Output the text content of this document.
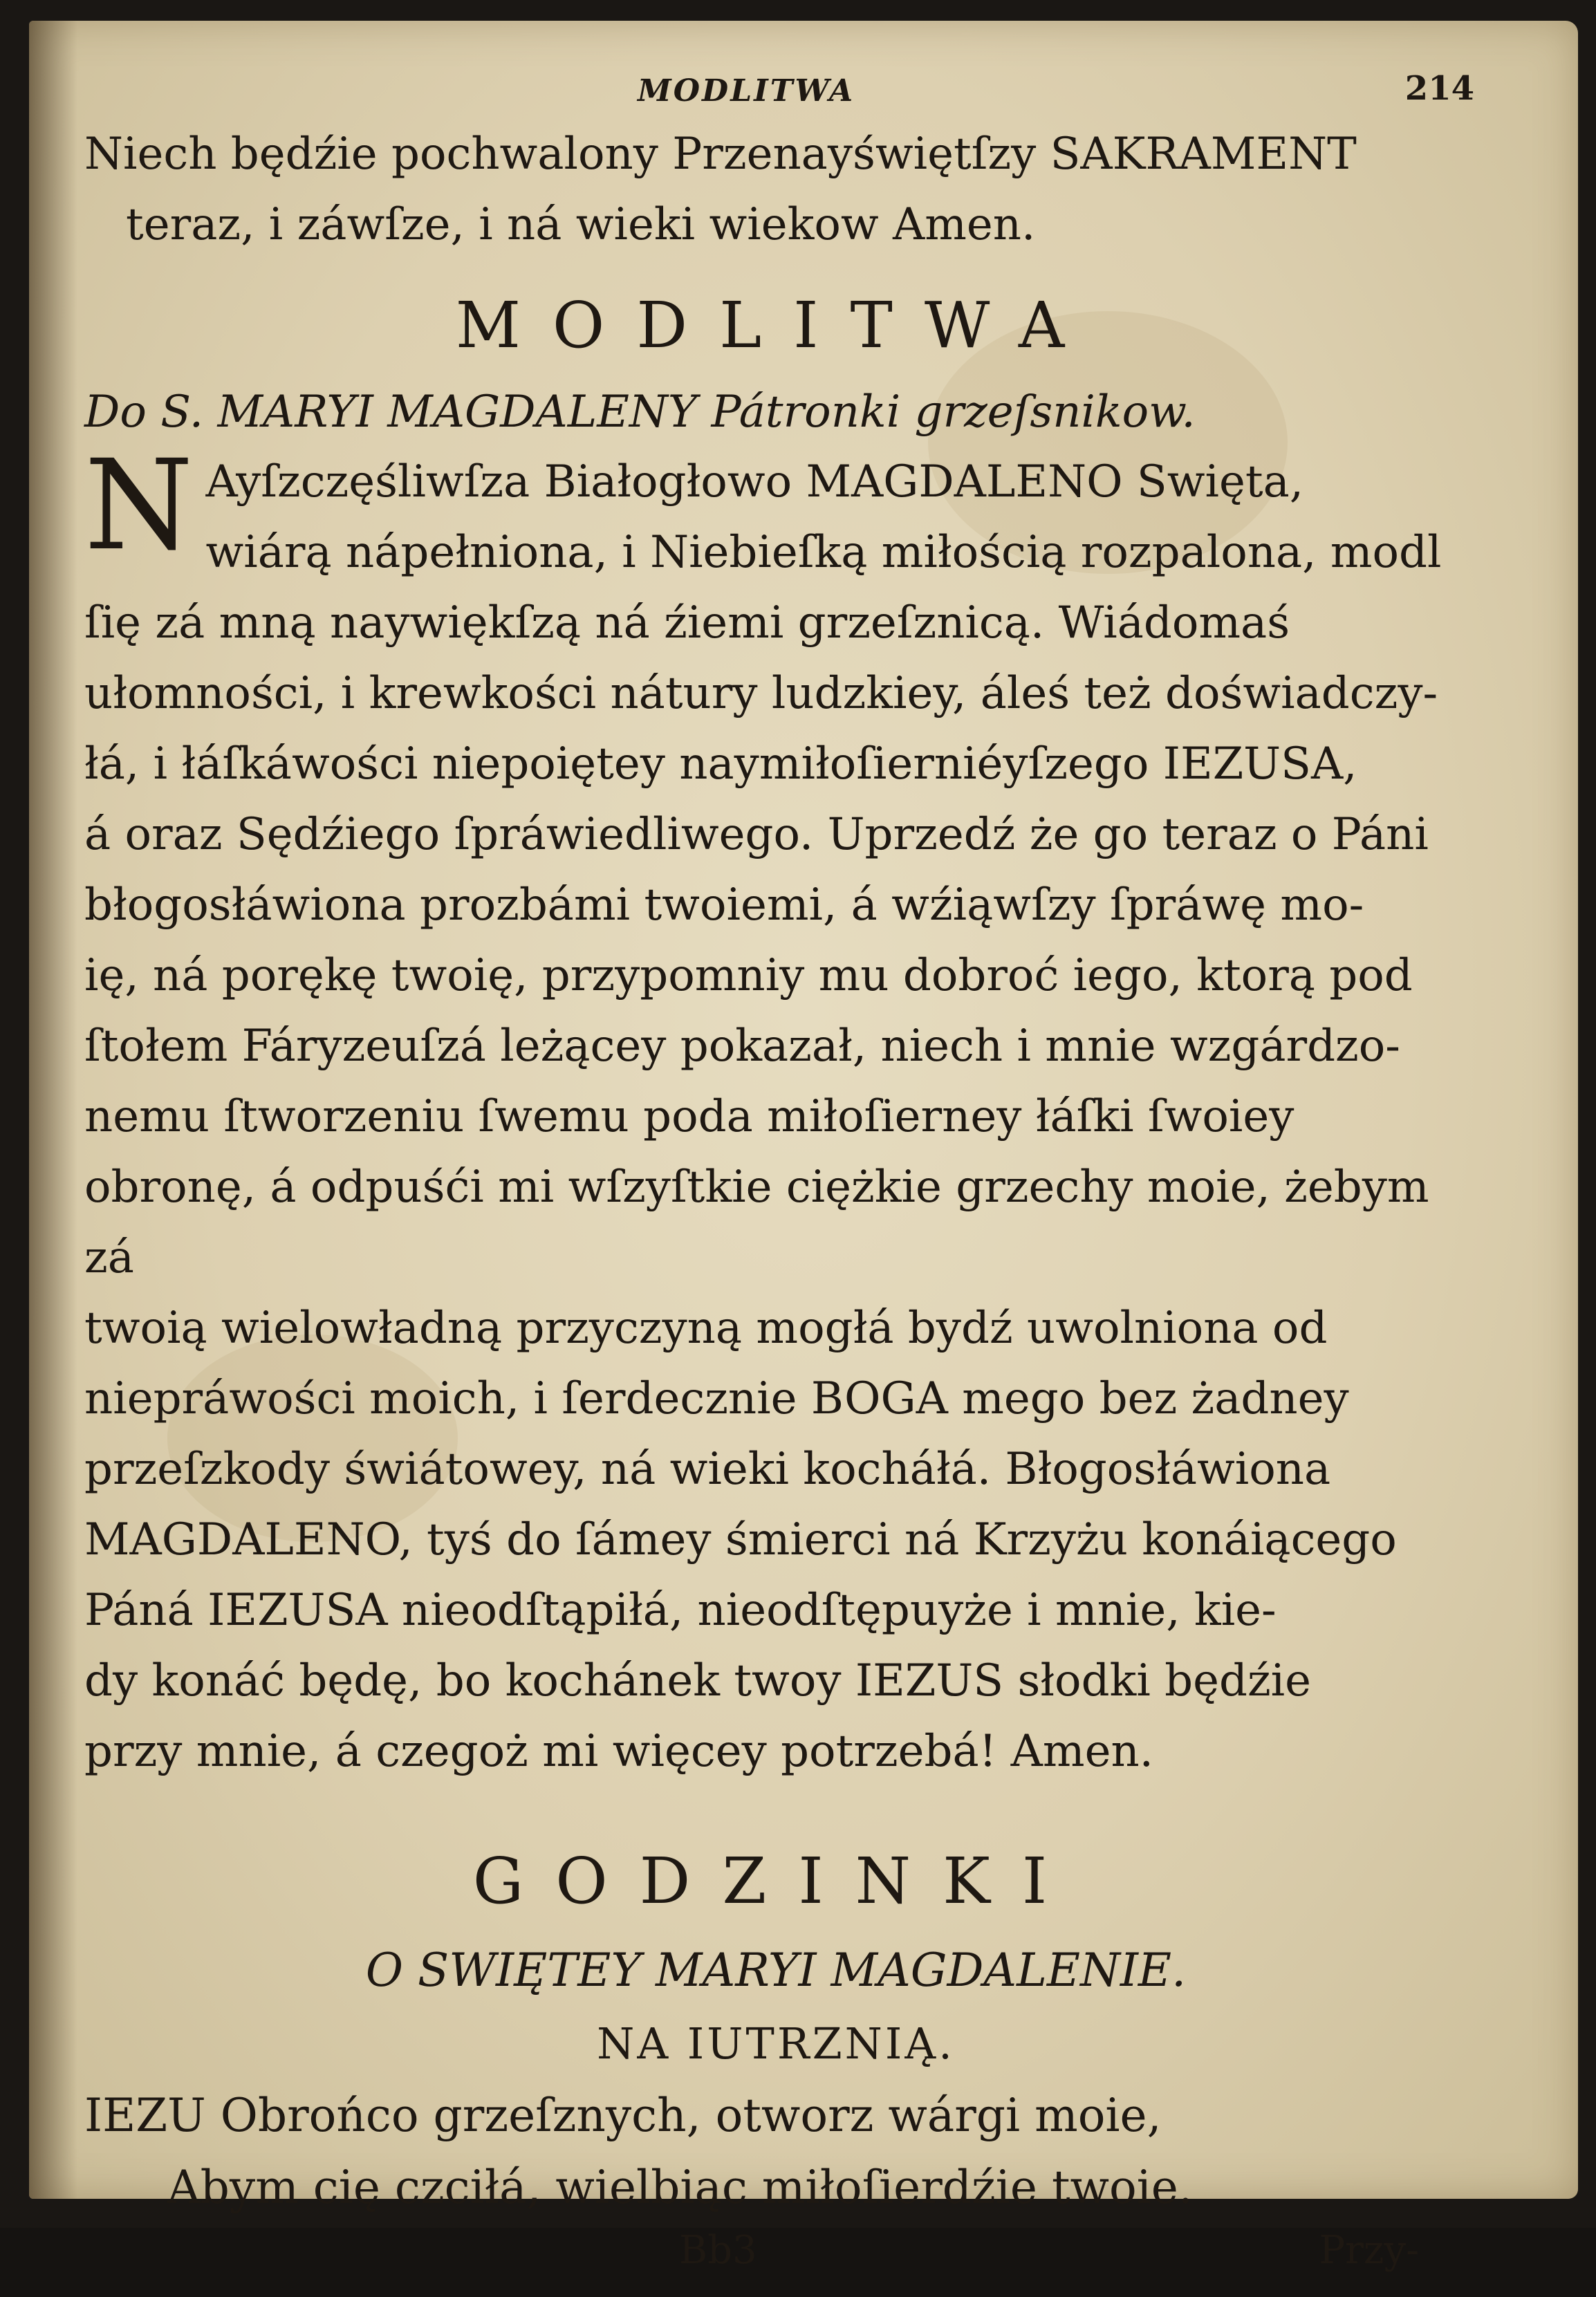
MODLITWA	214
Niech będźie pochwalony Przenayświętſzy SAKRAMENT
teraz, i záwſze, i ná wieki wiekow Amen.
MODLITWA
Do S. MARYI MAGDALENY Pátronki grzeſsnikow.
N Ayſzczęśliwſza Białogłowo MAGDALENO Swięta,
wiárą nápełniona, i Niebieſką miłością rozpalona, modl
ſię zá mną naywiękſzą ná źiemi grzeſznicą. Wiádomaś ułomności, i krewkości nátury ludzkiey, áleś też doświadczy-
łá, i łáſkáwości niepoiętey naymiłoſierniéyſzego IEZUSA,
á oraz Sędźiego ſpráwiedliwego. Uprzedź że go teraz o Páni błogosłáwiona prozbámi twoiemi, á wźiąwſzy ſpráwę mo-
ię, ná porękę twoię, przypomniy mu dobroć iego, ktorą pod
ſtołem Fáryzeuſzá leżącey pokazał, niech i mnie wzgárdzo-
nemu ſtworzeniu ſwemu poda miłoſierney łáſki ſwoiey obronę, á odpuśći mi wſzyſtkie ciężkie grzechy moie, żebym zá
twoią wielowładną przyczyną mogłá bydź uwolniona od
niepráwości moich, i ſerdecznie BOGA mego bez żadney
przeſzkody świátowey, ná wieki kocháłá. Błogosłáwiona
MAGDALENO, tyś do ſámey śmierci ná Krzyżu konáiącego Páná IEZUSA nieodſtąpiłá, nieodſtępuyże i mnie, kie-
dy konáć będę, bo kochánek twoy IEZUS słodki będźie
przy mnie, á czegoż mi więcey potrzebá! Amen.
GODZINKI
O SWIĘTEY MARYI MAGDALENIE.
NA IUTRZNIĄ.
IEZU Obrońco grzeſznych, otworz wárgi moie,
Abym cię czciłá, wielbiąc miłoſierdźie twoie.
Bb3	Przy-
